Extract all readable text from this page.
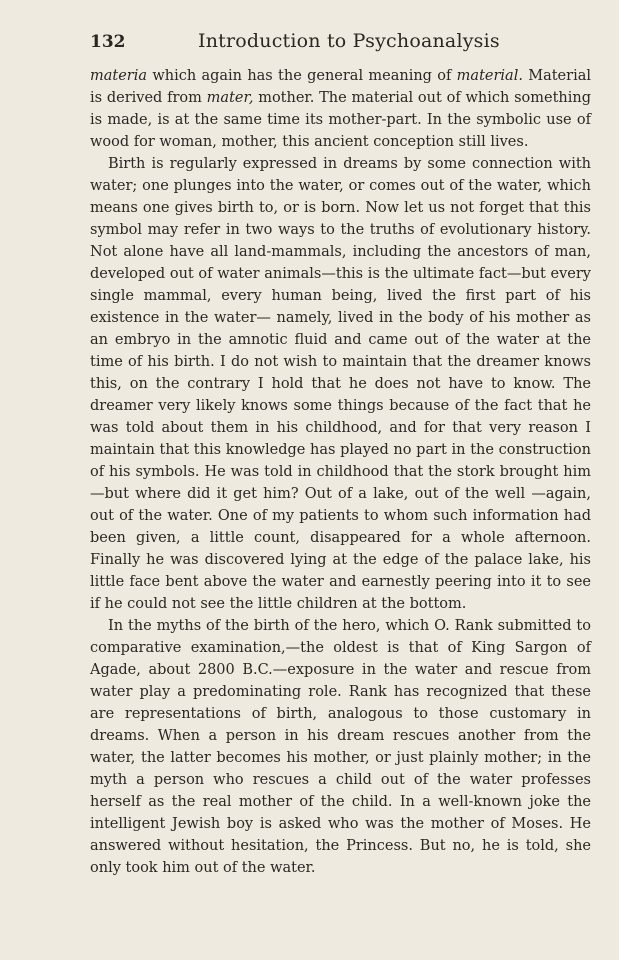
132	Introduction to Psychoanalysis

materia which again has the general meaning of material. Material is derived from mater, mother. The material out of which something is made, is at the same time its mother-part. In the symbolic use of wood for woman, mother, this ancient conception still lives.

Birth is regularly expressed in dreams by some connection with water; one plunges into the water, or comes out of the water, which means one gives birth to, or is born. Now let us not forget that this symbol may refer in two ways to the truths of evolutionary history. Not alone have all land-mammals, including the ancestors of man, developed out of water animals—this is the ultimate fact—but every single mammal, every human being, lived the first part of his existence in the water— namely, lived in the body of his mother as an embryo in the amnotic fluid and came out of the water at the time of his birth. I do not wish to maintain that the dreamer knows this, on the contrary I hold that he does not have to know. The dreamer very likely knows some things because of the fact that he was told about them in his childhood, and for that very reason I maintain that this knowledge has played no part in the construction of his symbols. He was told in childhood that the stork brought him—but where did it get him? Out of a lake, out of the well —again, out of the water. One of my patients to whom such information had been given, a little count, disappeared for a whole afternoon. Finally he was discovered lying at the edge of the palace lake, his little face bent above the water and earnestly peering into it to see if he could not see the little children at the bottom.

In the myths of the birth of the hero, which O. Rank submitted to comparative examination,—the oldest is that of King Sargon of Agade, about 2800 B.C.—exposure in the water and rescue from water play a predominating role. Rank has recognized that these are representations of birth, analogous to those customary in dreams. When a person in his dream rescues another from the water, the latter becomes his mother, or just plainly mother; in the myth a person who rescues a child out of the water professes herself as the real mother of the child. In a well-known joke the intelligent Jewish boy is asked who was the mother of Moses. He answered without hesitation, the Princess. But no, he is told, she only took him out of the water.
